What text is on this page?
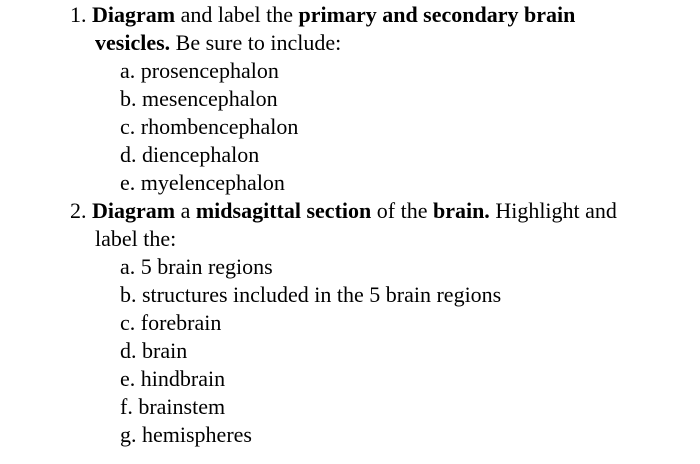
1. Diagram and label the primary and secondary brain
vesicles. Be sure to include:
a. prosencephalon
b. mesencephalon
c. rhombencephalon
d. diencephalon
e. myelencephalon
2. Diagram a midsagittal section of the brain. Highlight and
label the:
a. 5 brain regions
b. structures included in the 5 brain regions
c. forebrain
d. brain
e. hindbrain
f. brainstem
g. hemispheres
